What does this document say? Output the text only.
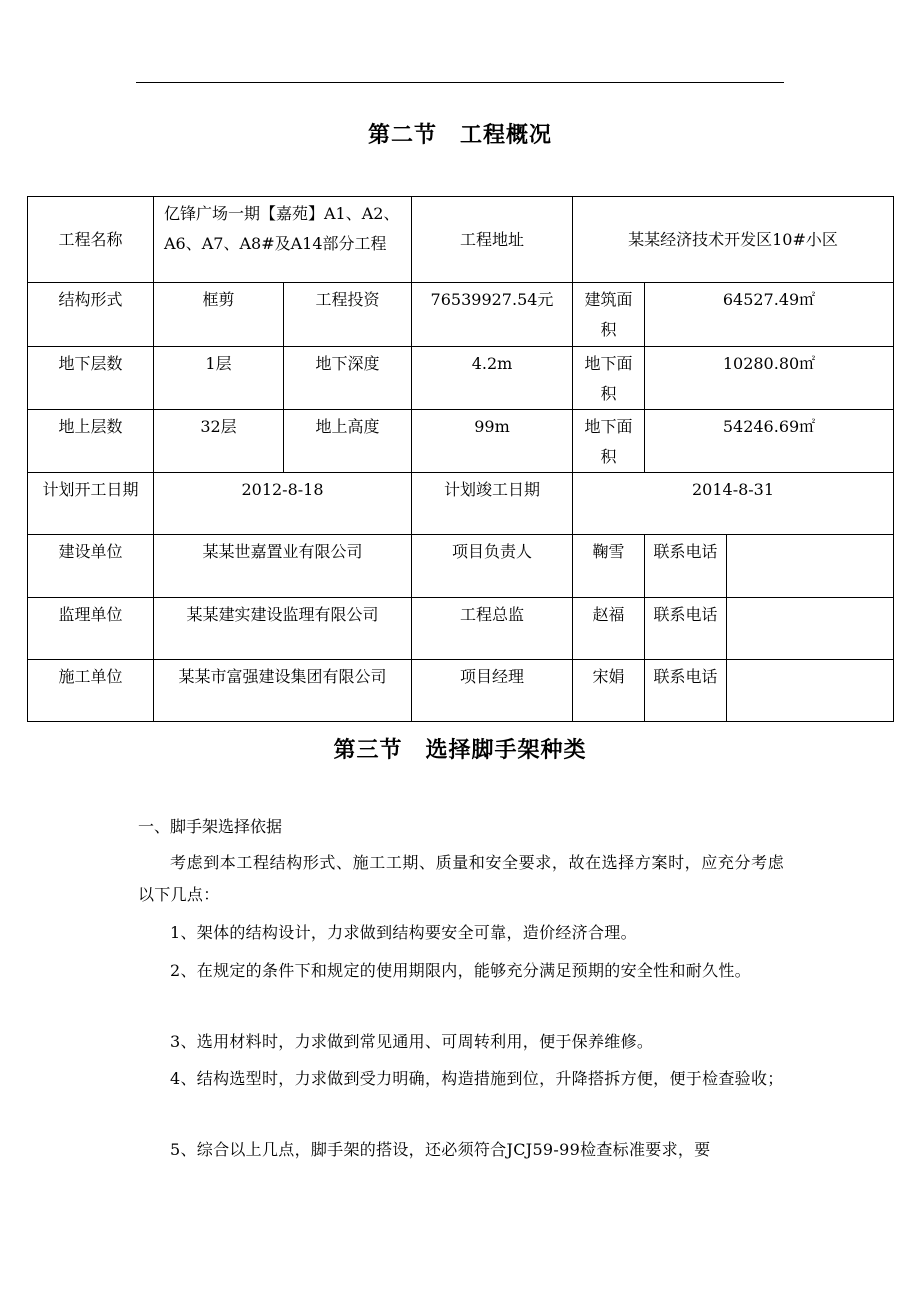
第二节　工程概况
工程名称	亿锋广场一期【嘉苑】A1、A2、A6、A7、A8#及A14部分工程		工程地址	某某经济技术开发区10#小区		
结构形式	框剪	工程投资	76539927.54元	建筑面积	64527.49㎡	
地下层数	1层	地下深度	4.2m	地下面积	10280.80㎡	
地上层数	32层	地上高度	99m	地下面积	54246.69㎡	
计划开工日期	2012-8-18		计划竣工日期	2014-8-31		
建设单位	某某世嘉置业有限公司		项目负责人	鞠雪	联系电话	
监理单位	某某建实建设监理有限公司		工程总监	赵福	联系电话	
施工单位	某某市富强建设集团有限公司		项目经理	宋娟	联系电话	
第三节　选择脚手架种类
一、脚手架选择依据
考虑到本工程结构形式、施工工期、质量和安全要求，故在选择方案时，应充分考虑以下几点：
1、架体的结构设计，力求做到结构要安全可靠，造价经济合理。
2、在规定的条件下和规定的使用期限内，能够充分满足预期的安全性和耐久性。
3、选用材料时，力求做到常见通用、可周转利用，便于保养维修。
4、结构选型时，力求做到受力明确，构造措施到位，升降搭拆方便，便于检查验收；
5、综合以上几点，脚手架的搭设，还必须符合JCJ59-99检查标准要求，要
